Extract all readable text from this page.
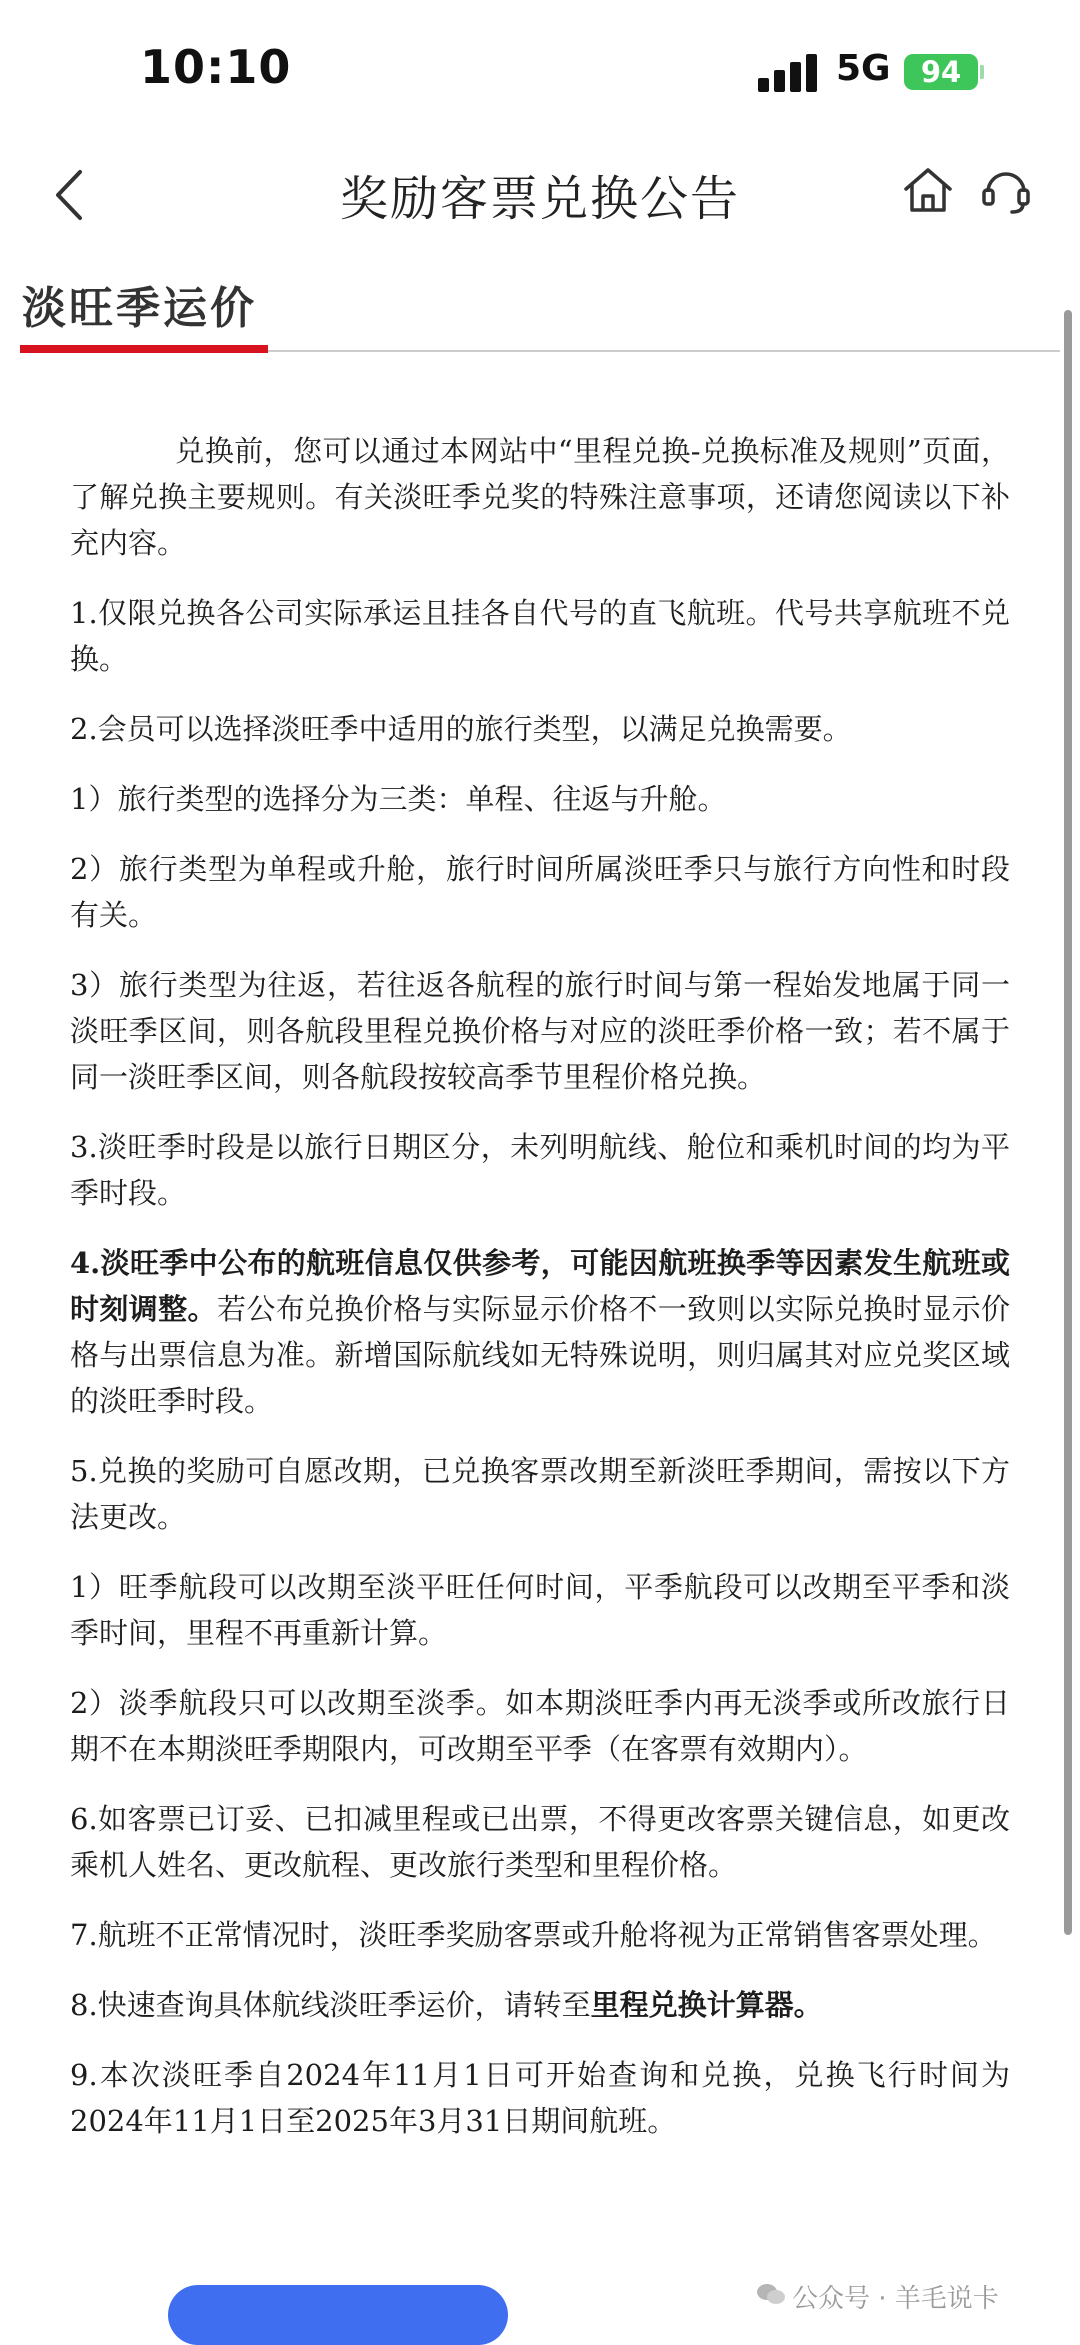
10:10	5G	94
奖励客票兑换公告
淡旺季运价

兑换前，您可以通过本网站中“里程兑换-兑换标准及规则”页面，了解兑换主要规则。有关淡旺季兑奖的特殊注意事项，还请您阅读以下补充内容。

1.仅限兑换各公司实际承运且挂各自代号的直飞航班。代号共享航班不兑换。

2.会员可以选择淡旺季中适用的旅行类型，以满足兑换需要。

1）旅行类型的选择分为三类：单程、往返与升舱。

2）旅行类型为单程或升舱，旅行时间所属淡旺季只与旅行方向性和时段有关。

3）旅行类型为往返，若往返各航程的旅行时间与第一程始发地属于同一淡旺季区间，则各航段里程兑换价格与对应的淡旺季价格一致；若不属于同一淡旺季区间，则各航段按较高季节里程价格兑换。

3.淡旺季时段是以旅行日期区分，未列明航线、舱位和乘机时间的均为平季时段。

4.淡旺季中公布的航班信息仅供参考，可能因航班换季等因素发生航班或时刻调整。若公布兑换价格与实际显示价格不一致则以实际兑换时显示价格与出票信息为准。新增国际航线如无特殊说明，则归属其对应兑奖区域的淡旺季时段。

5.兑换的奖励可自愿改期，已兑换客票改期至新淡旺季期间，需按以下方法更改。

1）旺季航段可以改期至淡平旺任何时间，平季航段可以改期至平季和淡季时间，里程不再重新计算。

2）淡季航段只可以改期至淡季。如本期淡旺季内再无淡季或所改旅行日期不在本期淡旺季期限内，可改期至平季（在客票有效期内）。

6.如客票已订妥、已扣减里程或已出票，不得更改客票关键信息，如更改乘机人姓名、更改航程、更改旅行类型和里程价格。

7.航班不正常情况时，淡旺季奖励客票或升舱将视为正常销售客票处理。

8.快速查询具体航线淡旺季运价，请转至里程兑换计算器。

9.本次淡旺季自2024年11月1日可开始查询和兑换，兑换飞行时间为2024年11月1日至2025年3月31日期间航班。

公众号 · 羊毛说卡
